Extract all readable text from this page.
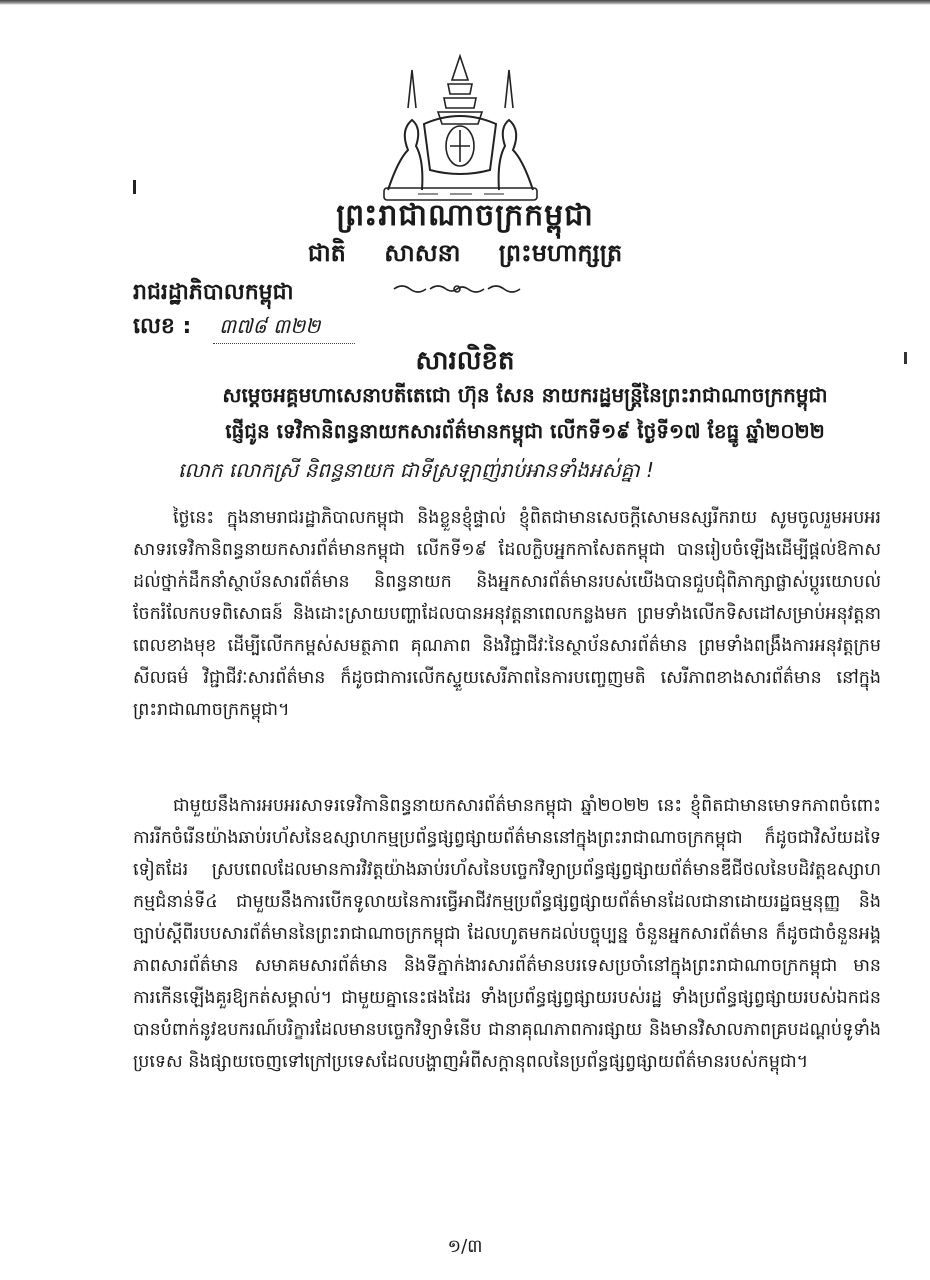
ព្រះរាជាណាចក្រកម្ពុជា
ជាតិ សាសនា ព្រះមហាក្សត្រ
រាជរដ្ឋាភិបាលកម្ពុជា
លេខ : ៣៧៨ ៣២២
សារលិខិត
សម្តេចអគ្គមហាសេនាបតីតេជោ ហ៊ុន សែន នាយករដ្ឋមន្ត្រីនៃព្រះរាជាណាចក្រកម្ពុជា
ផ្ញើជូន ទេវិកានិពន្ធនាយកសារព័ត៌មានកម្ពុជា លើកទី១៩ ថ្ងៃទី១៧ ខែធ្នូ ឆ្នាំ២០២២
លោក លោកស្រី និពន្ធនាយក ជាទីស្រឡាញ់រាប់អានទាំងអស់គ្នា !

ថ្ងៃនេះ ក្នុងនាមរាជរដ្ឋាភិបាលកម្ពុជា និងខ្លួនខ្ញុំផ្ទាល់ ខ្ញុំពិតជាមានសេចក្តីសោមនស្សរីករាយ សូមចូលរួមអបអរសាទរទេវិកានិពន្ធនាយកសារព័ត៌មានកម្ពុជា លើកទី១៩ ដែលក្លិបអ្នកកាសែតកម្ពុជា បានរៀបចំឡើងដើម្បីផ្តល់ឱកាសដល់ថ្នាក់ដឹកនាំស្ថាប័នសារព័ត៌មាន និពន្ធនាយក និងអ្នកសារព័ត៌មានរបស់យើងបានជួបជុំពិភាក្សាផ្លាស់ប្តូរយោបល់ ចែករំលែកបទពិសោធន៍ និងដោះស្រាយបញ្ហាដែលបានអនុវត្តនាពេលកន្លងមក ព្រមទាំងលើកទិសដៅសម្រាប់អនុវត្តនាពេលខាងមុខ ដើម្បីលើកកម្ពស់សមត្ថភាព គុណភាព និងវិជ្ជាជីវៈនៃស្ថាប័នសារព័ត៌មាន ព្រមទាំងពង្រឹងការអនុវត្តក្រមសីលធម៌ វិជ្ជាជីវៈសារព័ត៌មាន ក៏ដូចជាការលើកស្ទួយសេរីភាពនៃការបញ្ចេញមតិ សេរីភាពខាងសារព័ត៌មាន នៅក្នុងព្រះរាជាណាចក្រកម្ពុជា។

ជាមួយនឹងការអបអរសាទរទេវិកានិពន្ធនាយកសារព័ត៌មានកម្ពុជា ឆ្នាំ២០២២ នេះ ខ្ញុំពិតជាមានមោទកភាពចំពោះការរីកចំរើនយ៉ាងឆាប់រហ័សនៃឧស្សាហកម្មប្រព័ន្ធផ្សព្វផ្សាយព័ត៌មាននៅក្នុងព្រះរាជាណាចក្រកម្ពុជា ក៏ដូចជាវិស័យដទៃទៀតដែរ ស្របពេលដែលមានការវិវត្តយ៉ាងឆាប់រហ័សនៃបច្ចេកវិទ្យាប្រព័ន្ធផ្សព្វផ្សាយព័ត៌មានឌីជីថលនៃបដិវត្តឧស្សាហកម្មជំនាន់ទី៤ ជាមួយនឹងការបើកទូលាយនៃការធ្វើអាជីវកម្មប្រព័ន្ធផ្សព្វផ្សាយព័ត៌មានដែលជានាដោយរដ្ឋធម្មនុញ្ញ និងច្បាប់ស្តីពីរបបសារព័ត៌មាននៃព្រះរាជាណាចក្រកម្ពុជា ដែលហូតមកដល់បច្ចុប្បន្ន ចំនួនអ្នកសារព័ត៌មាន ក៏ដូចជាចំនួនអង្គភាពសារព័ត៌មាន សមាគមសារព័ត៌មាន និងទីភ្នាក់ងារសារព័ត៌មានបរទេសប្រចាំនៅក្នុងព្រះរាជាណាចក្រកម្ពុជា មានការកើនឡើងគួរឱ្យកត់សម្គាល់។ ជាមួយគ្នានេះផងដែរ ទាំងប្រព័ន្ធផ្សព្វផ្សាយរបស់រដ្ឋ ទាំងប្រព័ន្ធផ្សព្វផ្សាយរបស់ឯកជនបានបំពាក់នូវឧបករណ៍បរិក្ខារដែលមានបច្ចេកវិទ្យាទំនើប ជានាគុណភាពការផ្សាយ និងមានវិសាលភាពគ្របដណ្តប់ទូទាំងប្រទេស និងផ្សាយចេញទៅក្រៅប្រទេសដែលបង្ហាញអំពីសក្តានុពលនៃប្រព័ន្ធផ្សព្វផ្សាយព័ត៌មានរបស់កម្ពុជា។

១/៣
